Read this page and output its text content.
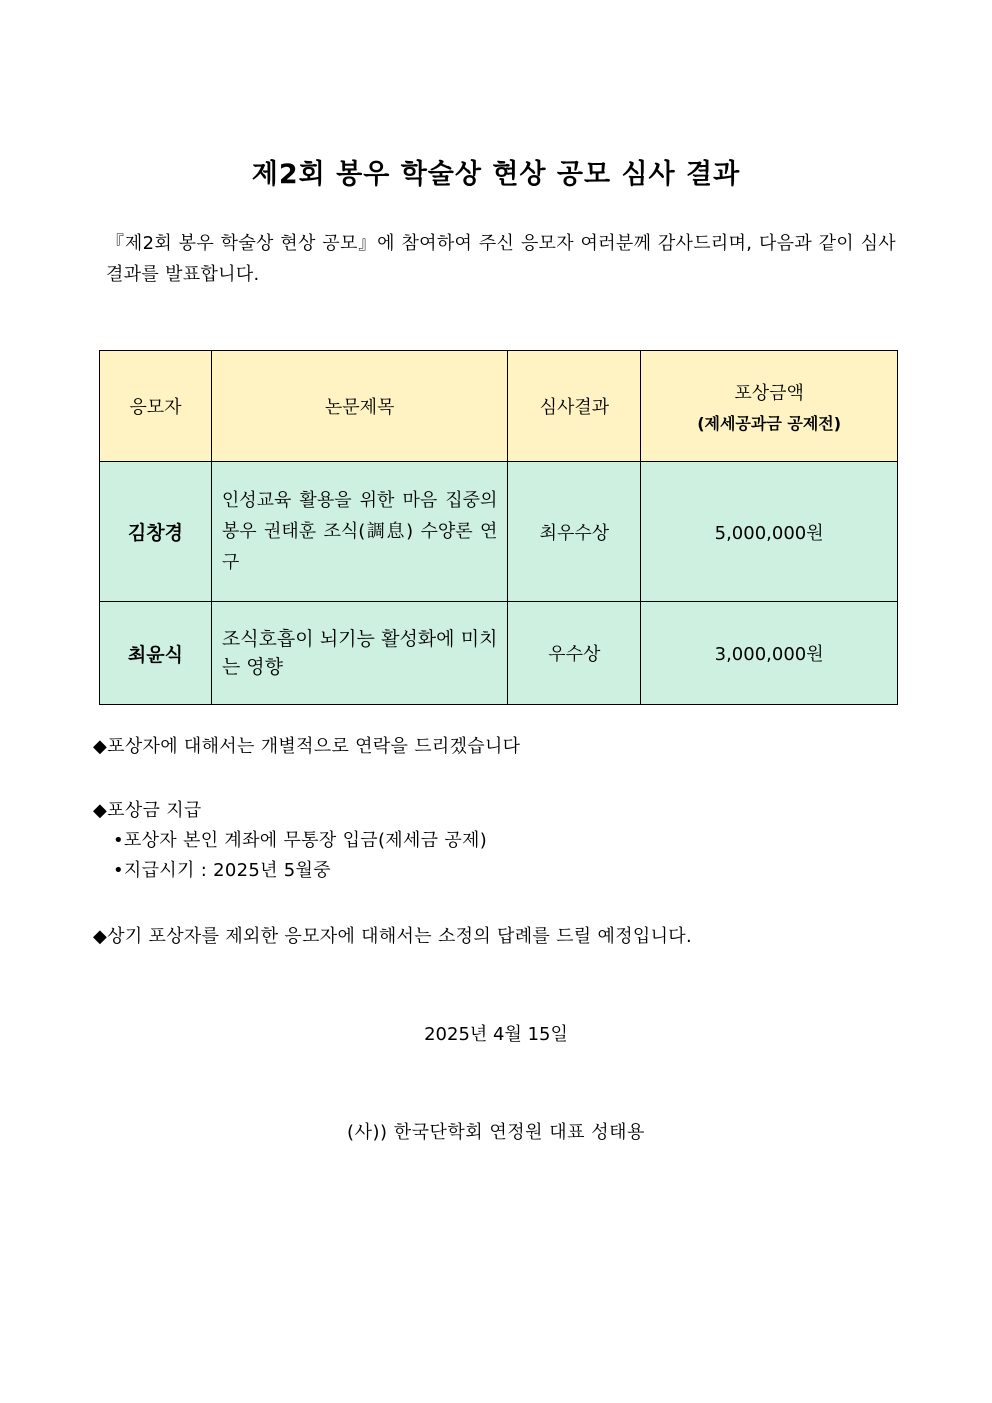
제2회 봉우 학술상 현상 공모 심사 결과
『제2회 봉우 학술상 현상 공모』에 참여하여 주신 응모자 여러분께 감사드리며, 다음과 같이 심사 결과를 발표합니다.
응모자	논문제목	심사결과	포상금액
(제세공과금 공제전)

김창경	인성교육 활용을 위한 마음 집중의 봉우 권태훈 조식(調息) 수양론 연구	최우수상	5,000,000원
최윤식	조식호흡이 뇌기능 활성화에 미치는 영향	우수상	3,000,000원
◆포상자에 대해서는 개별적으로 연락을 드리겠습니다
◆포상금 지급
•포상자 본인 계좌에 무통장 입금(제세금 공제)
•지급시기 : 2025년 5월중
◆상기 포상자를 제외한 응모자에 대해서는 소정의 답례를 드릴 예정입니다.
2025년 4월 15일
(사)) 한국단학회 연정원 대표 성태용
